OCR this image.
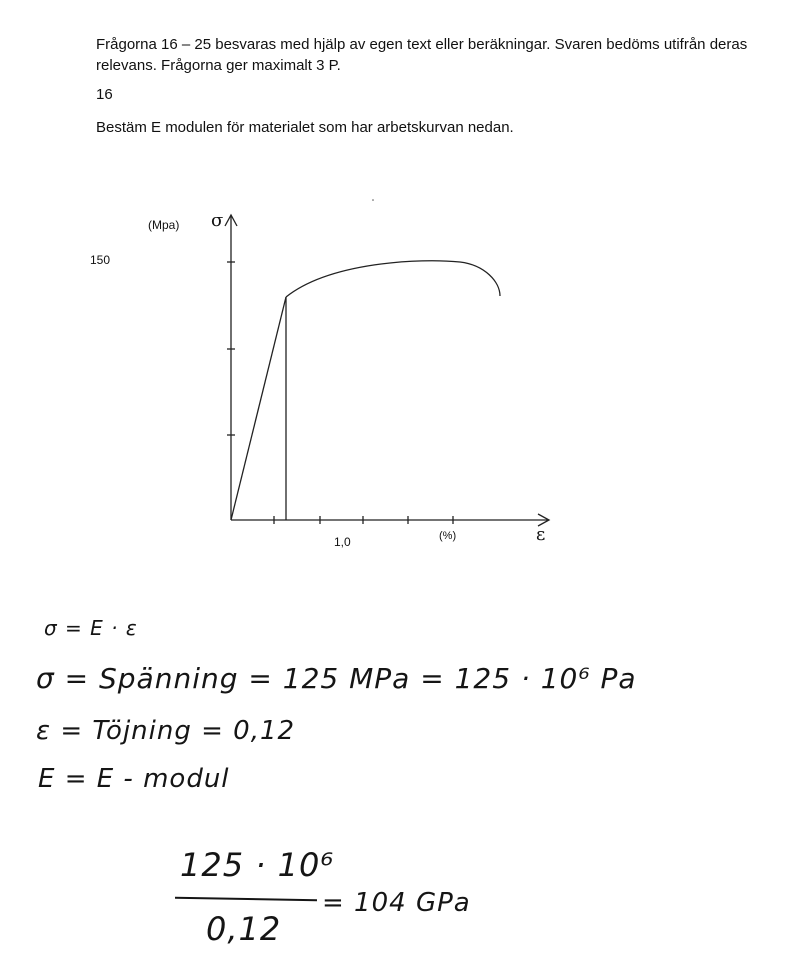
Frågorna 16 – 25 besvaras med hjälp av egen text eller beräkningar. Svaren bedöms utifrån deras relevans. Frågorna ger maximalt 3 P.
16
Bestäm E modulen för materialet som har arbetskurvan nedan.
150
(Mpa)
1,0	(%)
σ
ε
σ = E · ε
σ = Spänning = 125 MPa = 125 · 10⁶ Pa
ε = Töjning = 0,12
E = E - modul
125 · 10⁶
0,12
= 104 GPa
